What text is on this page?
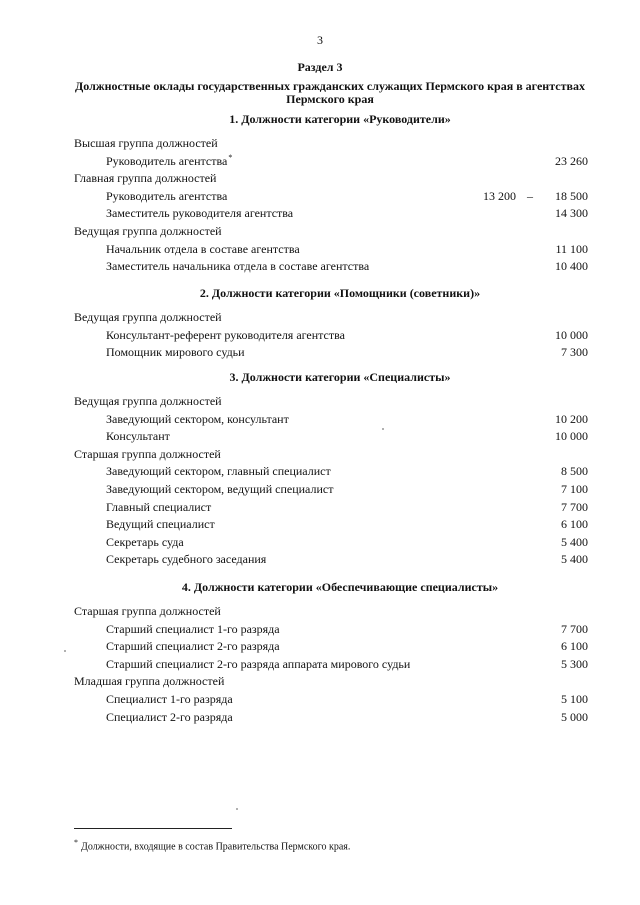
3
Раздел 3
Должностные оклады государственных гражданских служащих Пермского края в агентствах Пермского края
1. Должности категории «Руководители»
Высшая группа должностей
Руководитель агентства*	23 260
Главная группа должностей
Руководитель агентства	13 200 – 18 500
Заместитель руководителя агентства	14 300
Ведущая группа должностей
Начальник отдела в составе агентства	11 100
Заместитель начальника отдела в составе агентства	10 400
2. Должности категории «Помощники (советники)»
Ведущая группа должностей
Консультант-референт руководителя агентства	10 000
Помощник мирового судьи	7 300
3. Должности категории «Специалисты»
Ведущая группа должностей
Заведующий сектором, консультант	10 200
Консультант	10 000
Старшая группа должностей
Заведующий сектором, главный специалист	8 500
Заведующий сектором, ведущий специалист	7 100
Главный специалист	7 700
Ведущий специалист	6 100
Секретарь суда	5 400
Секретарь судебного заседания	5 400
4. Должности категории «Обеспечивающие специалисты»
Старшая группа должностей
Старший специалист 1-го разряда	7 700
Старший специалист 2-го разряда	6 100
Старший специалист 2-го разряда аппарата мирового судьи	5 300
Младшая группа должностей
Специалист 1-го разряда	5 100
Специалист 2-го разряда	5 000
* Должности, входящие в состав Правительства Пермского края.
